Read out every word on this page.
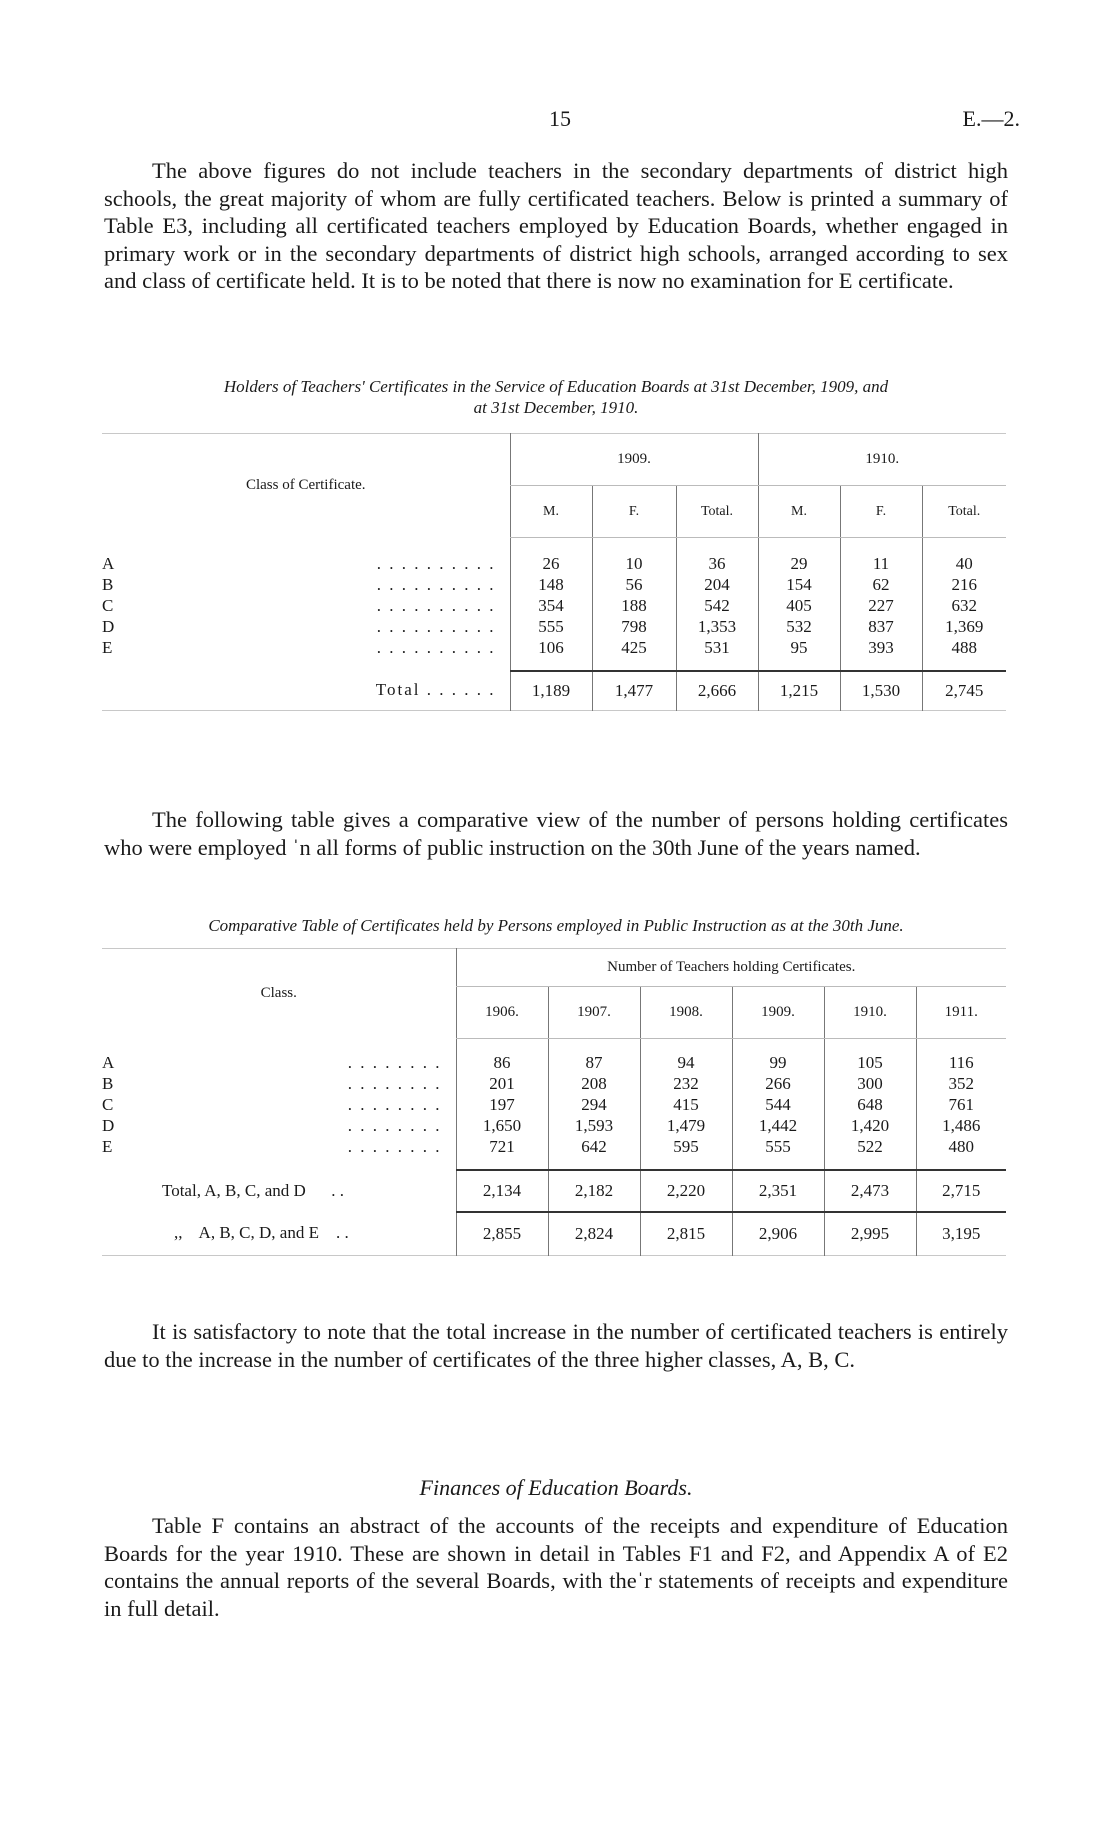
15	E.—2.
The above figures do not include teachers in the secondary departments of district high schools, the great majority of whom are fully certificated teachers. Below is printed a summary of Table E3, including all certificated teachers employed by Education Boards, whether engaged in primary work or in the secondary departments of district high schools, arranged according to sex and class of certificate held. It is to be noted that there is now no examination for E certificate.
Holders of Teachers' Certificates in the Service of Education Boards at 31st December, 1909, and
at 31st December, 1910.
Class of Certificate.	1909.			1910.		
	M.	F.	Total.	M.	F.	Total.

A . . . . . . . . . .	26	10	36	29	11	40
B . . . . . . . . . .	148	56	204	154	62	216
C . . . . . . . . . .	354	188	542	405	227	632
D . . . . . . . . . .	555	798	1,353	532	837	1,369
E . . . . . . . . . .	106	425	531	95	393	488

Total . . . . . .	1,189	1,477	2,666	1,215	1,530	2,745
The following table gives a comparative view of the number of persons holding certificates who were employed ˈn all forms of public instruction on the 30th June of the years named.
Comparative Table of Certificates held by Persons employed in Public Instruction as at the 30th June.
Class.	Number of Teachers holding Certificates.					
	1906.	1907.	1908.	1909.	1910.	1911.

A . . . . . . . .	86	87	94	99	105	116
B . . . . . . . .	201	208	232	266	300	352
C . . . . . . . .	197	294	415	544	648	761
D . . . . . . . .	1,650	1,593	1,479	1,442	1,420	1,486
E . . . . . . . .	721	642	595	555	522	480

Total, A, B, C, and D      . .	2,134	2,182	2,220	2,351	2,473	2,715
,,    A, B, C, D, and E    . .	2,855	2,824	2,815	2,906	2,995	3,195
It is satisfactory to note that the total increase in the number of certificated teachers is entirely due to the increase in the number of certificates of the three higher classes, A, B, C.
Finances of Education Boards.
Table F contains an abstract of the accounts of the receipts and expenditure of Education Boards for the year 1910. These are shown in detail in Tables F1 and F2, and Appendix A of E2 contains the annual reports of the several Boards, with theˈr statements of receipts and expenditure in full detail.
